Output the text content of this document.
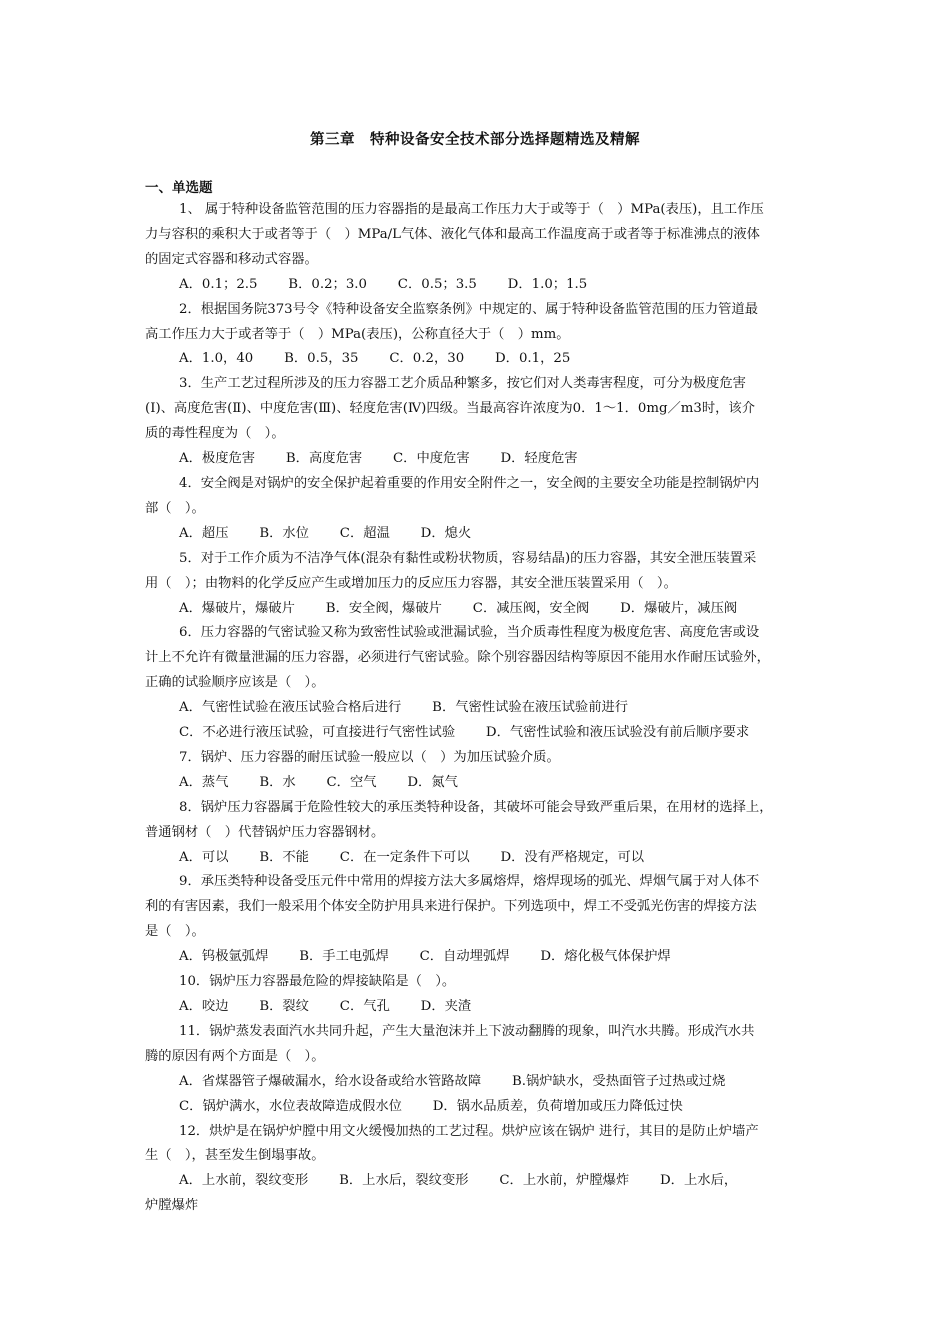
第三章　特种设备安全技术部分选择题精选及精解
一、单选题

1、 属于特种设备监管范围的压力容器指的是最高工作压力大于或等于（　）MPa(表压)，且工作压

力与容积的乘积大于或者等于（　）MPa/L气体、液化气体和最高工作温度高于或者等于标准沸点的液体

的固定式容器和移动式容器。

A．0.1；2.5　　 B．0.2；3.0　　 C．0.5；3.5　　 D．1.0；1.5

2．根据国务院373号令《特种设备安全监察条例》中规定的、属于特种设备监管范围的压力管道最

高工作压力大于或者等于（　）MPa(表压)，公称直径大于（　）mm。

A．1.0，40　　 B．0.5，35　　 C．0.2，30　　 D．0.1，25

3．生产工艺过程所涉及的压力容器工艺介质品种繁多，按它们对人类毒害程度，可分为极度危害

(Ⅰ)、高度危害(Ⅱ)、中度危害(Ⅲ)、轻度危害(Ⅳ)四级。当最高容许浓度为0．1～1．0mg／m3时，该介

质的毒性程度为（　）。

A．极度危害　　 B．高度危害　　 C．中度危害　　 D．轻度危害

4．安全阀是对锅炉的安全保护起着重要的作用安全附件之一，安全阀的主要安全功能是控制锅炉内

部（　）。

A．超压　　 B．水位　　 C．超温　　 D．熄火

5．对于工作介质为不洁净气体(混杂有黏性或粉状物质，容易结晶)的压力容器，其安全泄压装置采

用（　）；由物料的化学反应产生或增加压力的反应压力容器，其安全泄压装置采用（　）。

A．爆破片，爆破片　　 B．安全阀，爆破片　　 C．减压阀，安全阀　　 D．爆破片，减压阀

6．压力容器的气密试验又称为致密性试验或泄漏试验，当介质毒性程度为极度危害、高度危害或设

计上不允许有微量泄漏的压力容器，必须进行气密试验。除个别容器因结构等原因不能用水作耐压试验外，

正确的试验顺序应该是（　）。

A．气密性试验在液压试验合格后进行　　 B．气密性试验在液压试验前进行

C．不必进行液压试验，可直接进行气密性试验　　 D．气密性试验和液压试验没有前后顺序要求

7．锅炉、压力容器的耐压试验一般应以（　）为加压试验介质。

A．蒸气　　 B．水　　 C．空气　　 D．氮气

8．锅炉压力容器属于危险性较大的承压类特种设备，其破坏可能会导致严重后果，在用材的选择上，

普通钢材（　）代替锅炉压力容器钢材。

A．可以　　 B．不能　　 C．在一定条件下可以　　 D．没有严格规定，可以

9．承压类特种设备受压元件中常用的焊接方法大多属熔焊，熔焊现场的弧光、焊烟气属于对人体不

利的有害因素，我们一般采用个体安全防护用具来进行保护。下列选项中，焊工不受弧光伤害的焊接方法

是（　）。

A．钨极氩弧焊　　 B．手工电弧焊　　 C．自动埋弧焊　　 D．熔化极气体保护焊

10．锅炉压力容器最危险的焊接缺陷是（　）。

A．咬边　　 B．裂纹　　 C．气孔　　 D．夹渣

11．锅炉蒸发表面汽水共同升起，产生大量泡沫并上下波动翻腾的现象，叫汽水共腾。形成汽水共

腾的原因有两个方面是（　）。

A．省煤器管子爆破漏水，给水设备或给水管路故障　　 B.锅炉缺水，受热面管子过热或过烧

C．锅炉满水，水位表故障造成假水位　　 D．锅水品质差，负荷增加或压力降低过快

12．烘炉是在锅炉炉膛中用文火缓慢加热的工艺过程。烘炉应该在锅炉 进行，其目的是防止炉墙产

生（　），甚至发生倒塌事故。

A．上水前，裂纹变形　　 B．上水后，裂纹变形　　 C．上水前，炉膛爆炸　　 D．上水后，

炉膛爆炸
